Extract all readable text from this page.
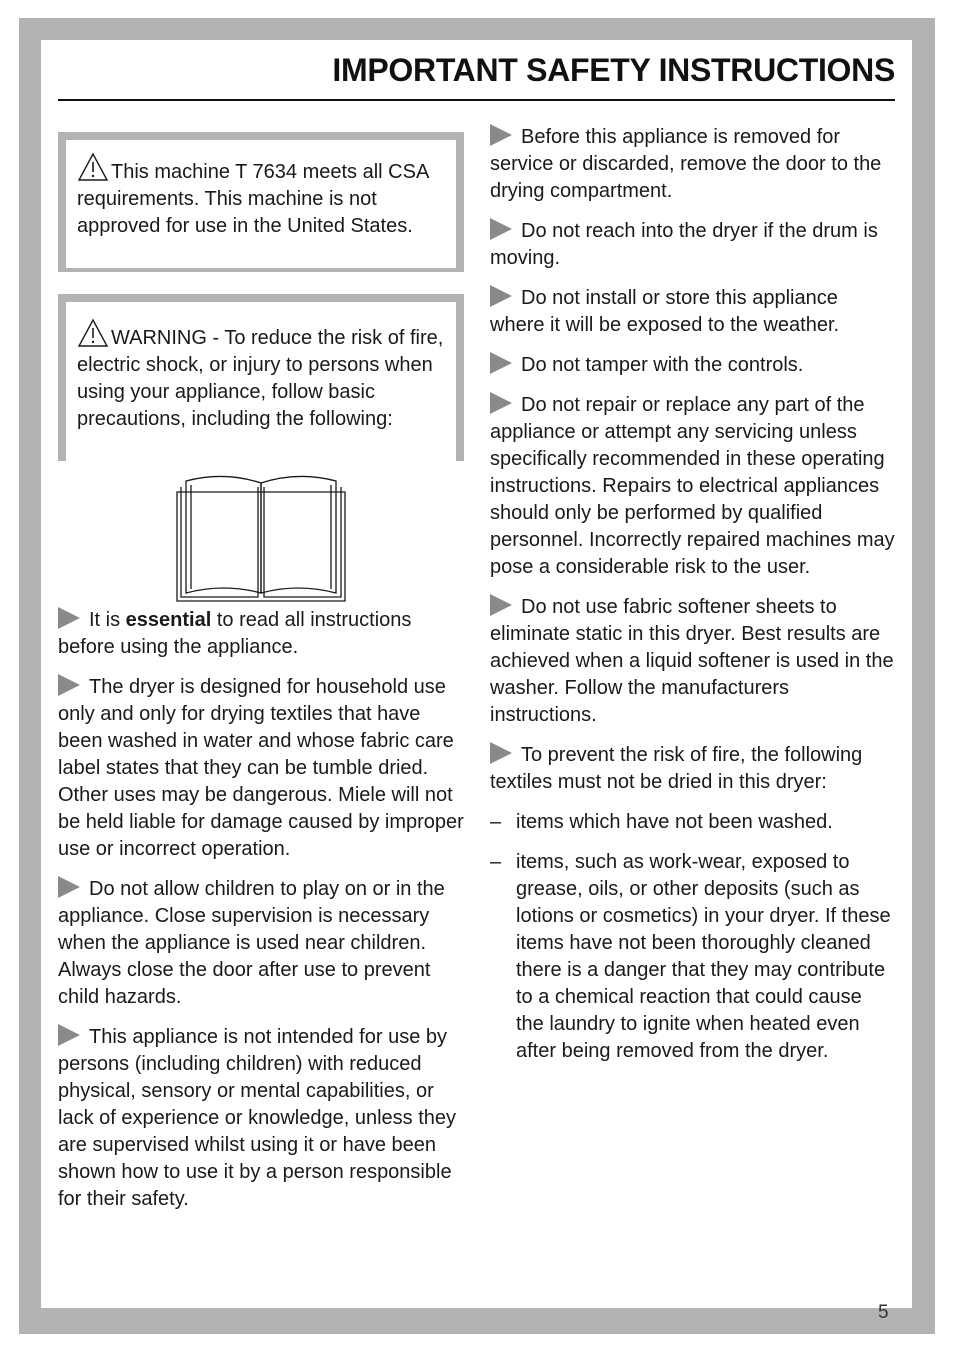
IMPORTANT SAFETY INSTRUCTIONS
This machine T 7634 meets all CSA requirements. This machine is not approved for use in the United States.
WARNING - To reduce the risk of fire, electric shock, or injury to persons when using your appliance, follow basic precautions, including the following:

It is essential to read all instructions before using the appliance.

The dryer is designed for household use only and only for drying textiles that have been washed in water and whose fabric care label states that they can be tumble dried. Other uses may be dangerous. Miele will not be held liable for damage caused by improper use or incorrect operation.

Do not allow children to play on or in the appliance. Close supervision is necessary when the appliance is used near children. Always close the door after use to prevent child hazards.

This appliance is not intended for use by persons (including children) with reduced physical, sensory or mental capabilities, or lack of experience or knowledge, unless they are supervised whilst using it or have been shown how to use it by a person responsible for their safety.

Before this appliance is removed for service or discarded, remove the door to the drying compartment.

Do not reach into the dryer if the drum is moving.

Do not install or store this appliance where it will be exposed to the weather.

Do not tamper with the controls.

Do not repair or replace any part of the appliance or attempt any servicing unless specifically recommended in these operating instructions. Repairs to electrical appliances should only be performed by qualified personnel. Incorrectly repaired machines may pose a considerable risk to the user.

Do not use fabric softener sheets to eliminate static in this dryer. Best results are achieved when a liquid softener is used in the washer. Follow the manufacturers instructions.

To prevent the risk of fire, the following textiles must not be dried in this dryer:

– items which have not been washed.
– items, such as work-wear, exposed to grease, oils, or other deposits (such as lotions or cosmetics) in your dryer. If these items have not been thoroughly cleaned there is a danger that they may contribute to a chemical reaction that could cause the laundry to ignite when heated even after being removed from the dryer.
5
